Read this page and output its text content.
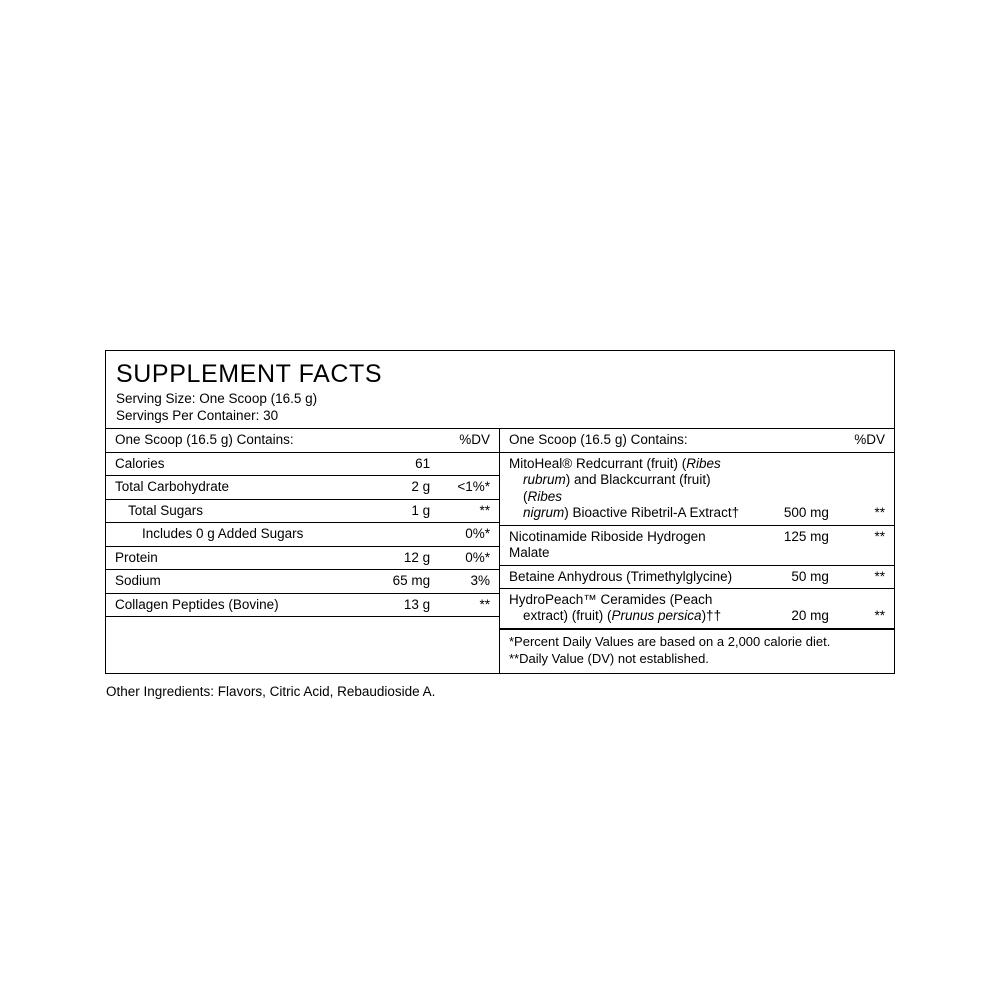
SUPPLEMENT FACTS
Serving Size: One Scoop (16.5 g)
Servings Per Container: 30
One Scoop (16.5 g) Contains:		%DV
Calories	61	
Total Carbohydrate	2 g	<1%*
Total Sugars	1 g	**
Includes 0 g Added Sugars		0%*
Protein	12 g	0%*
Sodium	65 mg	3%
Collagen Peptides (Bovine)	13 g	**
One Scoop (16.5 g) Contains:		%DV
MitoHeal® Redcurrant (fruit) (Ribes
rubrum) and Blackcurrant (fruit) (Ribes
nigrum) Bioactive Ribetril-A Extract†	500 mg	**
Nicotinamide Riboside Hydrogen Malate	125 mg	**
Betaine Anhydrous (Trimethylglycine)	50 mg	**
HydroPeach™ Ceramides (Peach
extract) (fruit) (Prunus persica)††	20 mg	**
*Percent Daily Values are based on a 2,000 calorie diet.
**Daily Value (DV) not established.
Other Ingredients: Flavors, Citric Acid, Rebaudioside A.
